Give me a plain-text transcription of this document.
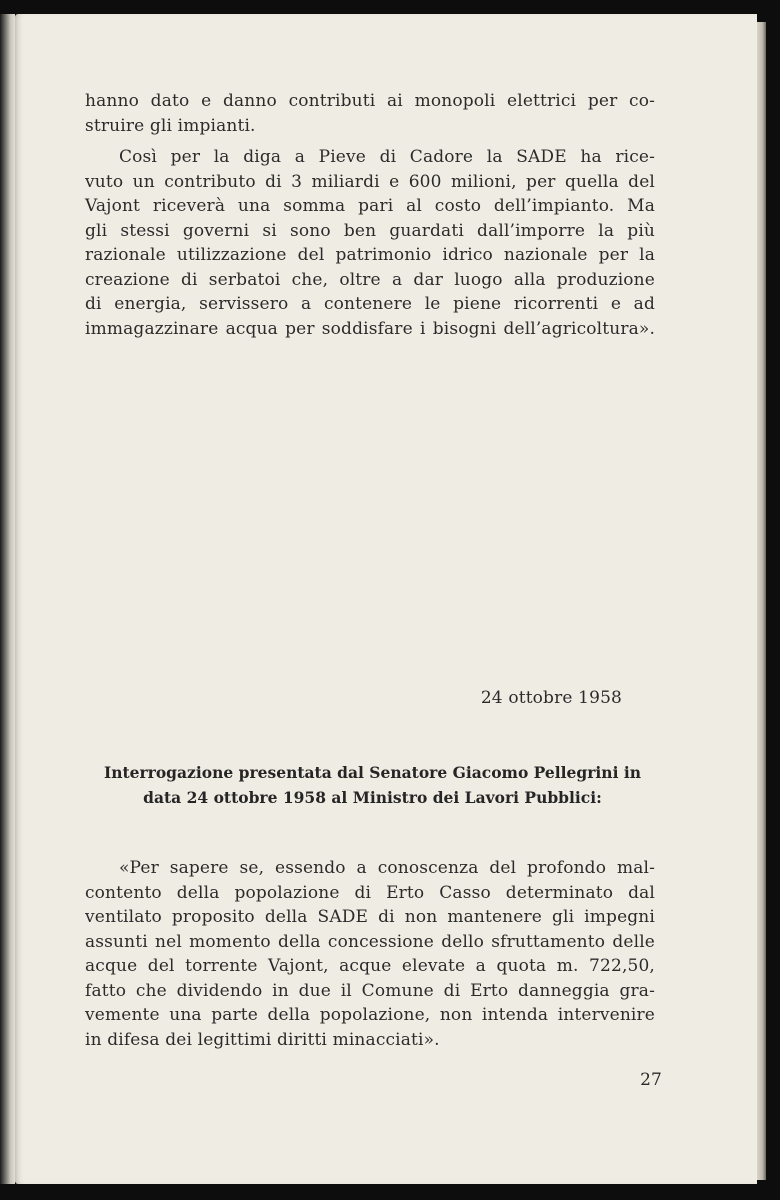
hanno dato e danno contributi ai monopoli elettrici per co-
struire gli impianti.
Così per la diga a Pieve di Cadore la SADE ha rice-
vuto un contributo di 3 miliardi e 600 milioni, per quella del
Vajont riceverà una somma pari al costo dell’impianto. Ma
gli stessi governi si sono ben guardati dall’imporre la più
razionale utilizzazione del patrimonio idrico nazionale per la
creazione di serbatoi che, oltre a dar luogo alla produzione
di energia, servissero a contenere le piene ricorrenti e ad
immagazzinare acqua per soddisfare i bisogni dell’agricoltura».
24 ottobre 1958
Interrogazione presentata dal Senatore Giacomo Pellegrini in
data 24 ottobre 1958 al Ministro dei Lavori Pubblici:
«Per sapere se, essendo a conoscenza del profondo mal-
contento della popolazione di Erto Casso determinato dal
ventilato proposito della SADE di non mantenere gli impegni
assunti nel momento della concessione dello sfruttamento delle
acque del torrente Vajont, acque elevate a quota m. 722,50,
fatto che dividendo in due il Comune di Erto danneggia gra-
vemente una parte della popolazione, non intenda intervenire
in difesa dei legittimi diritti minacciati».
27
